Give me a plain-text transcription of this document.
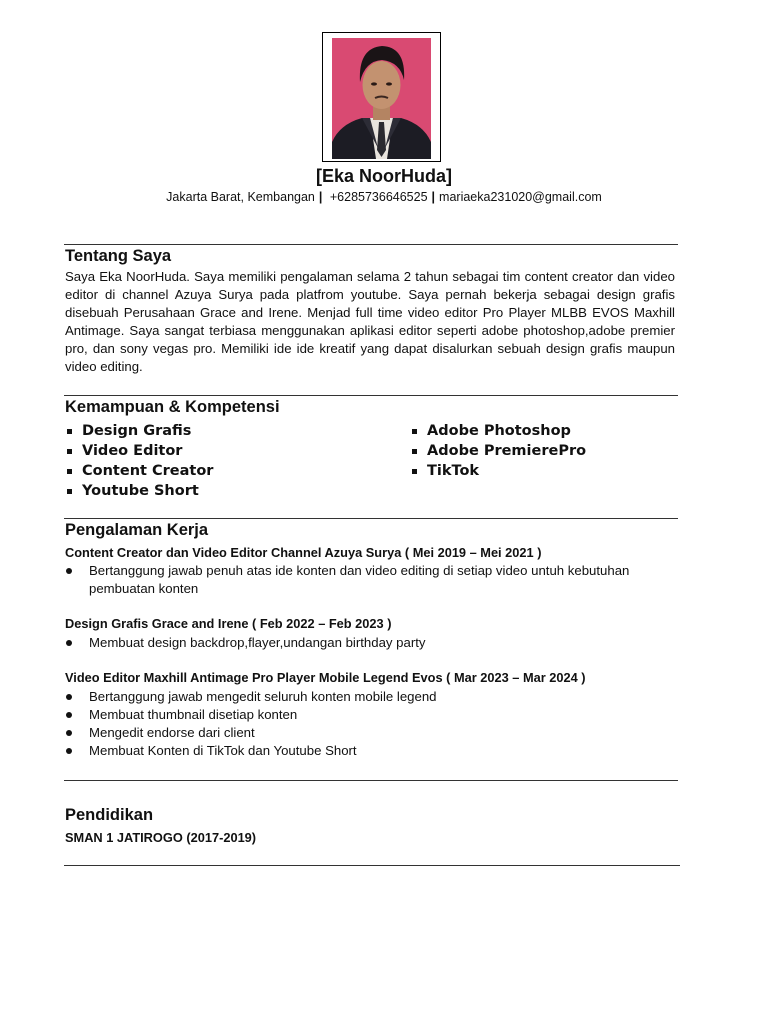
[Eka NoorHuda]
Jakarta Barat, Kembangan | +6285736646525 | mariaeka231020@gmail.com
Tentang Saya
Saya Eka NoorHuda. Saya memiliki pengalaman selama 2 tahun sebagai tim content creator dan video editor di channel Azuya Surya pada platfrom youtube. Saya pernah bekerja sebagai design grafis disebuah Perusahaan Grace and Irene. Menjad full time video editor Pro Player MLBB EVOS Maxhill Antimage. Saya sangat terbiasa menggunakan aplikasi editor seperti adobe photoshop,adobe premier pro, dan sony vegas pro. Memiliki ide ide kreatif yang dapat disalurkan sebuah design grafis maupun video editing.
Kemampuan & Kompetensi
Design Grafis
Video Editor
Content Creator
Youtube Short
Adobe Photoshop
Adobe PremierePro
TikTok
Pengalaman Kerja
Content Creator dan Video Editor Channel Azuya Surya ( Mei 2019 – Mei 2021 )
Bertanggung jawab penuh atas ide konten dan video editing di setiap video untuh kebutuhan pembuatan konten
Design Grafis Grace and Irene ( Feb 2022 – Feb 2023 )
Membuat design backdrop,flayer,undangan birthday party
Video Editor Maxhill Antimage Pro Player Mobile Legend Evos ( Mar 2023 – Mar 2024 )
Bertanggung jawab mengedit seluruh konten mobile legend
Membuat thumbnail disetiap konten
Mengedit endorse dari client
Membuat Konten di TikTok dan Youtube Short
Pendidikan
SMAN 1 JATIROGO (2017-2019)
